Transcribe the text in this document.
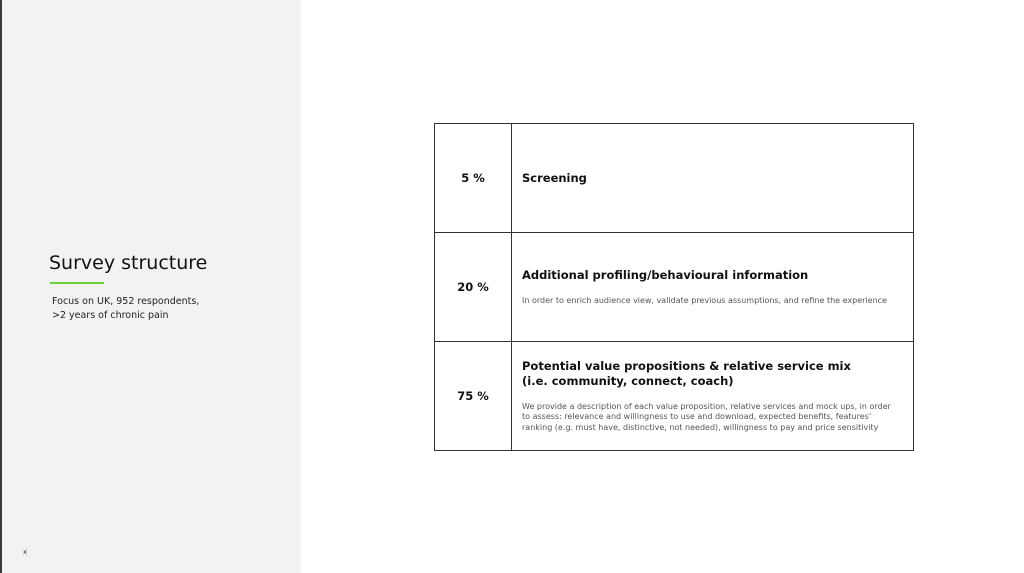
Survey structure
Focus on UK, 952 respondents,
>2 years of chronic pain
x
5 %	Screening

20 %	Additional profiling/behavioural information
In order to enrich audience view, validate previous assumptions, and refine the experience

75 %	Potential value propositions & relative service mix
(i.e. community, connect, coach)
We provide a description of each value proposition, relative services and mock ups, in order to assess: relevance and willingness to use and download, expected benefits, features’ ranking (e.g. must have, distinctive, not needed), willingness to pay and price sensitivity
